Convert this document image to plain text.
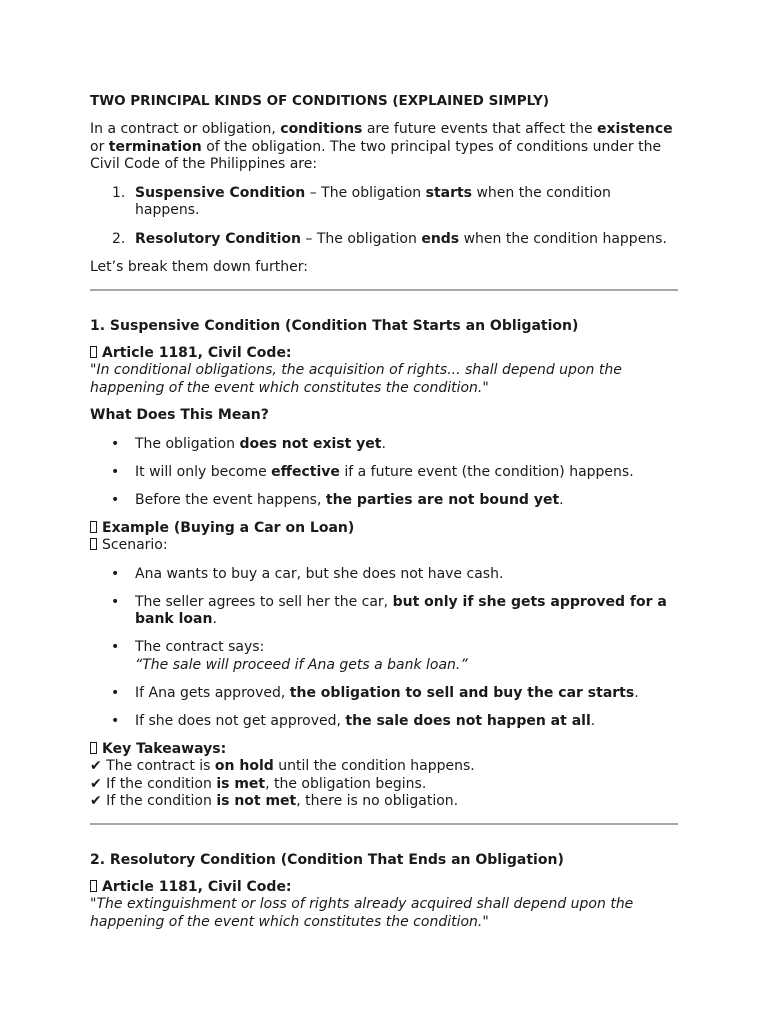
TWO PRINCIPAL KINDS OF CONDITIONS (EXPLAINED SIMPLY)

In a contract or obligation, conditions are future events that affect the existence or termination of the obligation. The two principal types of conditions under the Civil Code of the Philippines are:

1. Suspensive Condition – The obligation starts when the condition happens.
2. Resolutory Condition – The obligation ends when the condition happens.

Let’s break them down further:

1. Suspensive Condition (Condition That Starts an Obligation)
Article 1181, Civil Code:
"In conditional obligations, the acquisition of rights... shall depend upon the happening of the event which constitutes the condition."
What Does This Mean?
• The obligation does not exist yet.
• It will only become effective if a future event (the condition) happens.
• Before the event happens, the parties are not bound yet.
Example (Buying a Car on Loan)
Scenario:
• Ana wants to buy a car, but she does not have cash.
• The seller agrees to sell her the car, but only if she gets approved for a bank loan.
• The contract says:
“The sale will proceed if Ana gets a bank loan.”
• If Ana gets approved, the obligation to sell and buy the car starts.
• If she does not get approved, the sale does not happen at all.
Key Takeaways:
✔ The contract is on hold until the condition happens.
✔ If the condition is met, the obligation begins.
✔ If the condition is not met, there is no obligation.
2. Resolutory Condition (Condition That Ends an Obligation)
Article 1181, Civil Code:
"The extinguishment or loss of rights already acquired shall depend upon the happening of the event which constitutes the condition."
